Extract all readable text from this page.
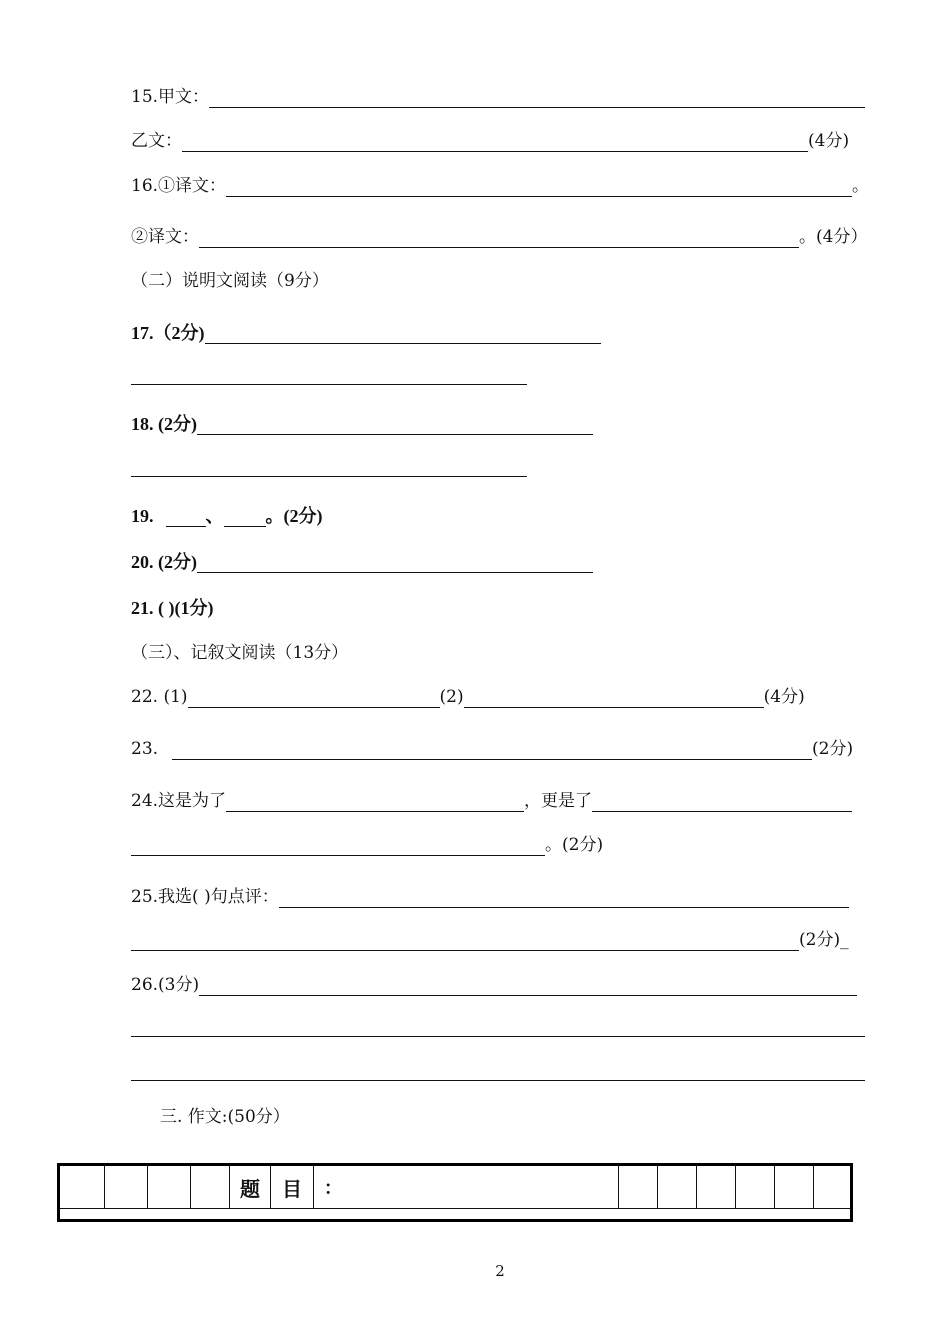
15.甲文：
乙文：	(4分)
16.①译文：	。
②译文：	。(4分）
（二）说明文阅读（9分）
17.（2分)
18. (2分)
19.	、 。(2分)
20. (2分)
21. ( )(1分)
（三）、记叙文阅读（13分）
22. (1)	(2)	(4分)
23.	(2分)
24.这是为了	，更是了
。(2分)
25.我选( )句点评：
(2分)_
26.(3分)
三. 作文:(50分）
				题	目	：						

2
